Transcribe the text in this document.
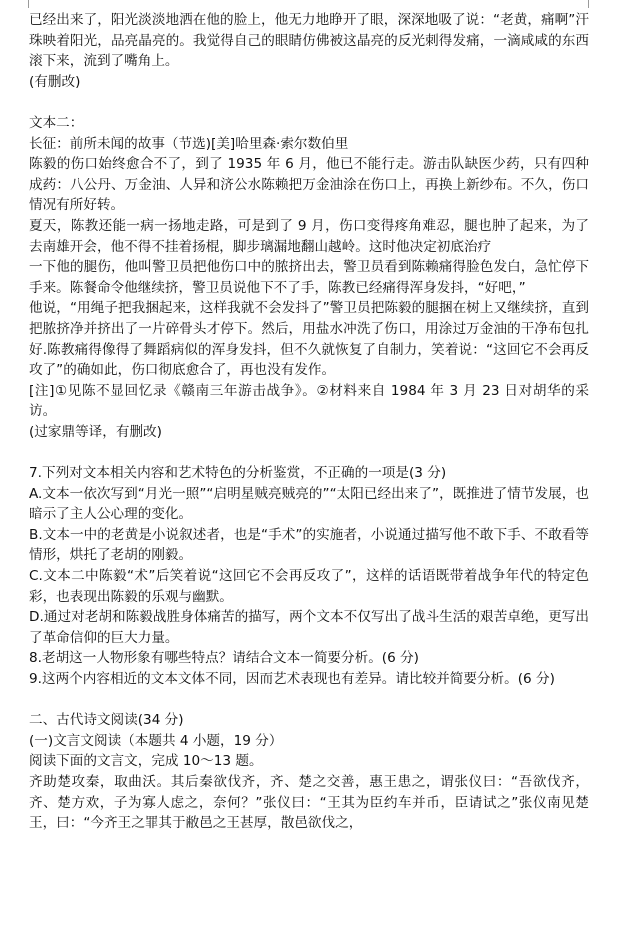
已经出来了，阳光淡淡地洒在他的脸上，他无力地睁开了眼，深深地吸了说：“老黄，痛啊”汗珠映着阳光，品亮晶亮的。我觉得自己的眼睛仿佛被这晶亮的反光刺得发痛，一滴咸咸的东西滚下来，流到了嘴角上。

(有删改)

文本二：

长征：前所未闻的故事（节选)[美]哈里森·索尔数伯里

陈毅的伤口始终愈合不了，到了 1935 年 6 月，他已不能行走。游击队缺医少药，只有四种成药：八公丹、万金油、人异和济公水陈赖把万金油涂在伤口上，再换上新纱布。不久，伤口情况有所好转。

夏天，陈教还能一病一扬地走路，可是到了 9 月，伤口变得疼角难忍，腿也肿了起来，为了去南雄开会，他不得不挂着扬棍，脚步璃漏地翻山越岭。这时他决定初底治疗

一下他的腿伤，他叫警卫员把他伤口中的脓挤出去，警卫员看到陈赖痛得脸色发白，急忙停下手来。陈餐命令他继续挤，警卫员说他下不了手，陈教已经痛得浑身发抖，“好吧，”

他说，“用绳子把我捆起来，这样我就不会发抖了”警卫员把陈毅的腿捆在树上又继续挤，直到把脓挤净并挤出了一片碎骨头才停下。然后，用盐水冲洗了伤口，用涂过万金油的干净布包扎好.陈教痛得像得了舞蹈病似的浑身发抖，但不久就恢复了自制力，笑着说：“这回它不会再反攻了”的确如此，伤口彻底愈合了，再也没有发作。

[注]①见陈不显回忆录《赣南三年游击战争》。②材料来自 1984 年 3 月 23 日对胡华的采访。

(过家鼎等译，有删改)

7.下列对文本相关内容和艺术特色的分析鉴赏，不正确的一项是(3 分)

A.文本一依次写到“月光一照”“启明星贼亮贼亮的”“太阳已经出来了”，既推进了情节发展，也暗示了主人公心理的变化。

B.文本一中的老黄是小说叙述者，也是“手术”的实施者，小说通过描写他不敢下手、不敢看等情形，烘托了老胡的刚毅。

C.文本二中陈毅“术”后笑着说“这回它不会再反攻了”，这样的话语既带着战争年代的特定色彩，也表现出陈毅的乐观与幽默。

D.通过对老胡和陈毅战胜身体痛苦的描写，两个文本不仅写出了战斗生活的艰苦卓绝，更写出了革命信仰的巨大力量。

8.老胡这一人物形象有哪些特点？请结合文本一简要分析。(6 分)

9.这两个内容相近的文本文体不同，因而艺术表现也有差异。请比较并简要分析。(6 分)

二、古代诗文阅读(34 分)

(一)文言文阅读（本题共 4 小题，19 分）

阅读下面的文言文，完成 10～13 题。

齐助楚攻秦，取曲沃。其后秦欲伐齐，齐、楚之交善，惠王患之，谓张仪曰：“吾欲伐齐，齐、楚方欢，子为寡人虑之，奈何？”张仪曰：“王其为臣约车并币，臣请试之”张仪南见楚王，曰：“今齐王之罪其于敝邑之王甚厚，散邑欲伐之，
